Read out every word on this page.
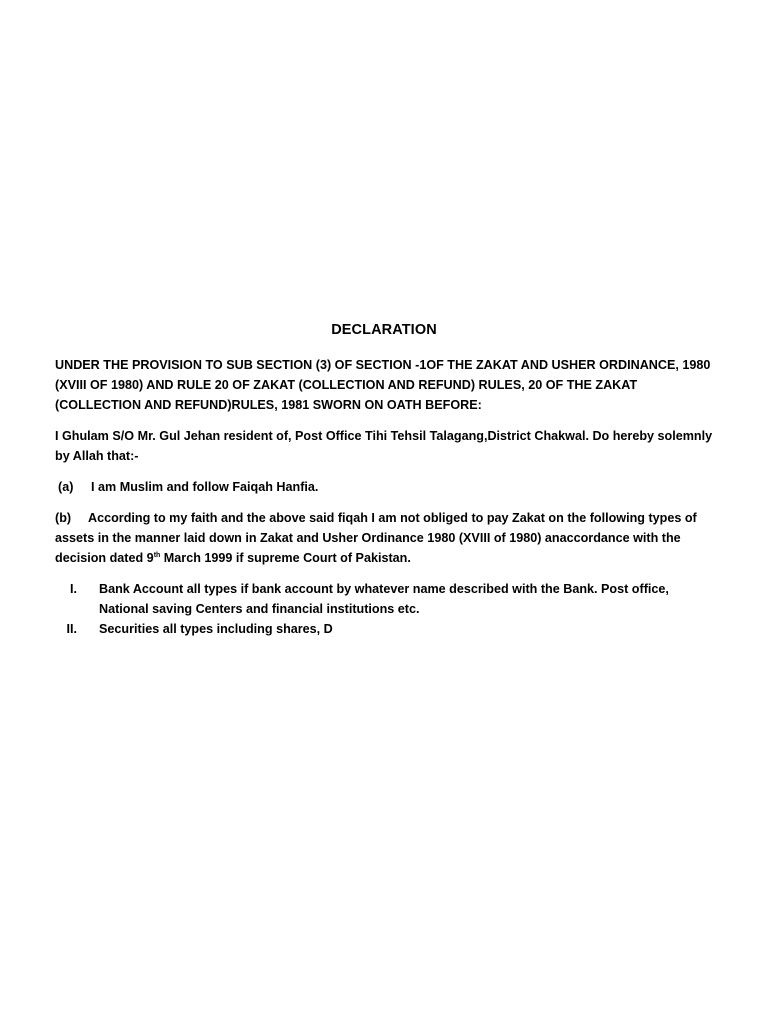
DECLARATION

UNDER THE PROVISION TO SUB SECTION (3) OF SECTION -1OF THE ZAKAT AND USHER ORDINANCE, 1980 (XVIII OF 1980) AND RULE 20 OF ZAKAT (COLLECTION AND REFUND) RULES, 20 OF THE ZAKAT (COLLECTION AND REFUND)RULES, 1981 SWORN ON OATH BEFORE:

I Ghulam S/O Mr. Gul Jehan resident of, Post Office Tihi Tehsil Talagang,District Chakwal. Do hereby solemnly by Allah that:-

(a) I am Muslim and follow Faiqah Hanfia.

(b) According to my faith and the above said fiqah I am not obliged to pay Zakat on the following types of assets in the manner laid down in Zakat and Usher Ordinance 1980 (XVIII of 1980) anaccordance with the decision dated 9th March 1999 if supreme Court of Pakistan.

I. Bank Account all types if bank account by whatever name described with the Bank. Post office, National saving Centers and financial institutions etc.
II. Securities all types including shares, D
